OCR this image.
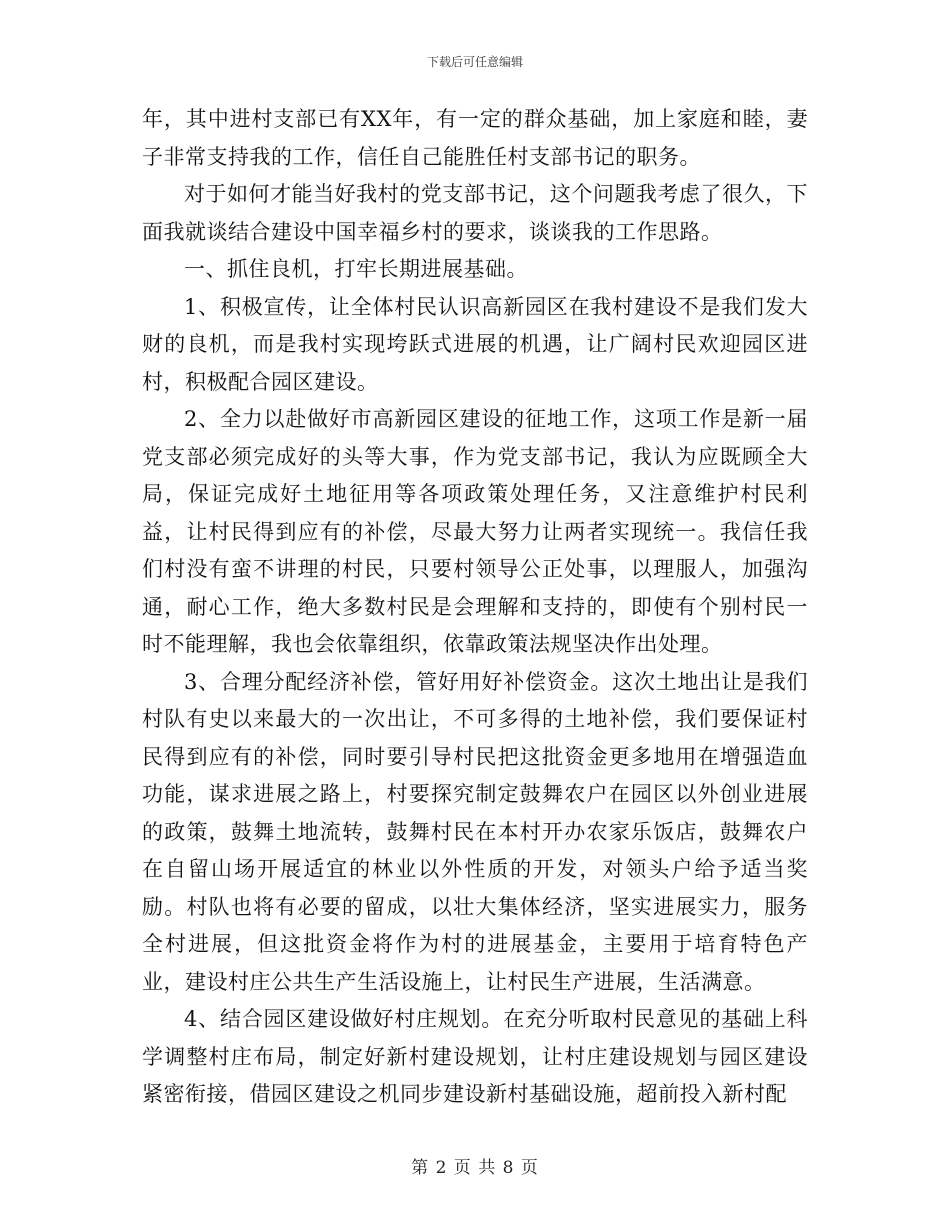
下载后可任意编辑

年，其中进村支部已有XX年，有一定的群众基础，加上家庭和睦，妻子非常支持我的工作，信任自己能胜任村支部书记的职务。

对于如何才能当好我村的党支部书记，这个问题我考虑了很久，下面我就谈结合建设中国幸福乡村的要求，谈谈我的工作思路。

一、抓住良机，打牢长期进展基础。

1、积极宣传，让全体村民认识高新园区在我村建设不是我们发大财的良机，而是我村实现垮跃式进展的机遇，让广阔村民欢迎园区进村，积极配合园区建设。

2、全力以赴做好市高新园区建设的征地工作，这项工作是新一届党支部必须完成好的头等大事，作为党支部书记，我认为应既顾全大局，保证完成好土地征用等各项政策处理任务，又注意维护村民利益，让村民得到应有的补偿，尽最大努力让两者实现统一。我信任我们村没有蛮不讲理的村民，只要村领导公正处事，以理服人，加强沟通，耐心工作，绝大多数村民是会理解和支持的，即使有个别村民一时不能理解，我也会依靠组织，依靠政策法规坚决作出处理。

3、合理分配经济补偿，管好用好补偿资金。这次土地出让是我们村队有史以来最大的一次出让，不可多得的土地补偿，我们要保证村民得到应有的补偿，同时要引导村民把这批资金更多地用在增强造血功能，谋求进展之路上，村要探究制定鼓舞农户在园区以外创业进展的政策，鼓舞土地流转，鼓舞村民在本村开办农家乐饭店，鼓舞农户在自留山场开展适宜的林业以外性质的开发，对领头户给予适当奖励。村队也将有必要的留成，以壮大集体经济，坚实进展实力，服务全村进展，但这批资金将作为村的进展基金，主要用于培育特色产业，建设村庄公共生产生活设施上，让村民生产进展，生活满意。

4、结合园区建设做好村庄规划。在充分听取村民意见的基础上科学调整村庄布局，制定好新村建设规划，让村庄建设规划与园区建设紧密衔接，借园区建设之机同步建设新村基础设施，超前投入新村配

第 2 页 共 8 页
